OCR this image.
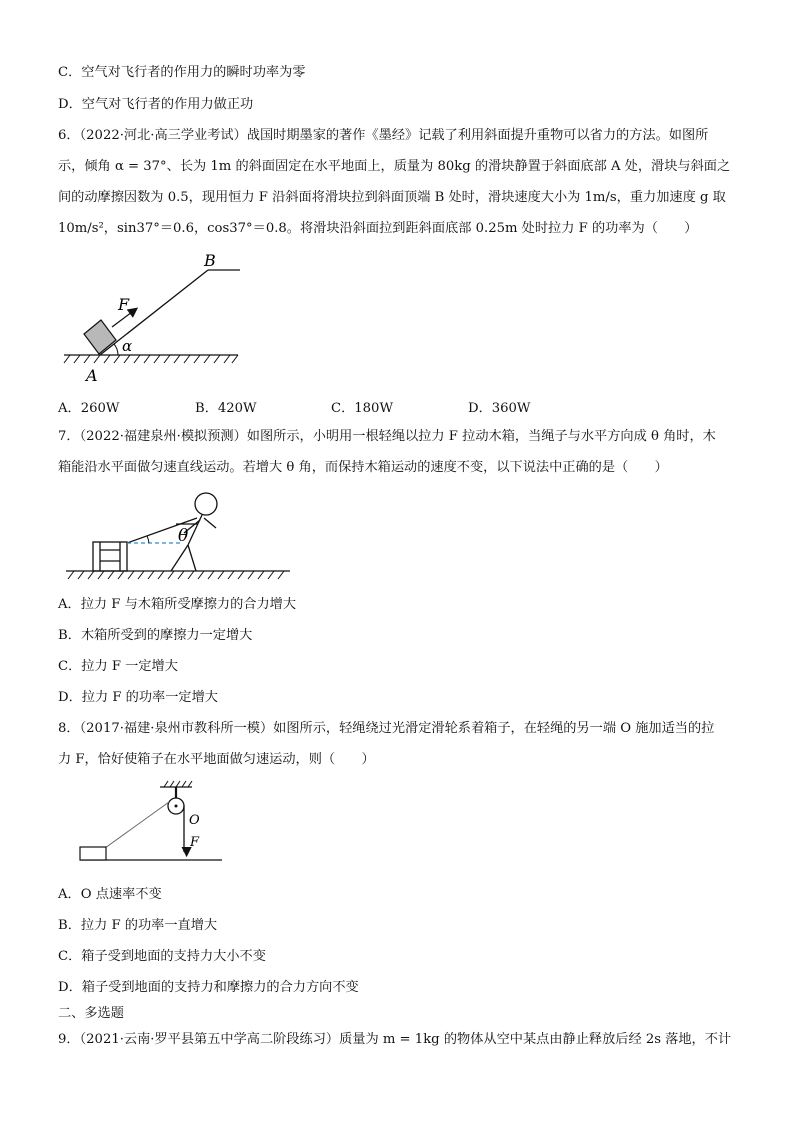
C．空气对飞行者的作用力的瞬时功率为零
D．空气对飞行者的作用力做正功
6．（2022·河北·高三学业考试）战国时期墨家的著作《墨经》记载了利用斜面提升重物可以省力的方法。如图所
示，倾角 α = 37°、长为 1m 的斜面固定在水平地面上，质量为 80kg 的滑块静置于斜面底部 A 处，滑块与斜面之
间的动摩擦因数为 0.5，现用恒力 F 沿斜面将滑块拉到斜面顶端 B 处时，滑块速度大小为 1m/s，重力加速度 g 取
10m/s²，sin37°＝0.6，cos37°＝0.8。将滑块沿斜面拉到距斜面底部 0.25m 处时拉力 F 的功率为（　　）
B
F
α
A
A．260W	B．420W	C．180W	D．360W
7．（2022·福建泉州·模拟预测）如图所示，小明用一根轻绳以拉力 F 拉动木箱，当绳子与水平方向成 θ 角时，木
箱能沿水平面做匀速直线运动。若增大 θ 角，而保持木箱运动的速度不变，以下说法中正确的是（　　）
θ
A．拉力 F 与木箱所受摩擦力的合力增大
B．木箱所受到的摩擦力一定增大
C．拉力 F 一定增大
D．拉力 F 的功率一定增大
8．（2017·福建·泉州市教科所一模）如图所示，轻绳绕过光滑定滑轮系着箱子，在轻绳的另一端 O 施加适当的拉
力 F，恰好使箱子在水平地面做匀速运动，则（　　）
O
F
A．O 点速率不变
B．拉力 F 的功率一直增大
C．箱子受到地面的支持力大小不变
D．箱子受到地面的支持力和摩擦力的合力方向不变
二、多选题
9．（2021·云南·罗平县第五中学高二阶段练习）质量为 m = 1kg 的物体从空中某点由静止释放后经 2s 落地，不计
